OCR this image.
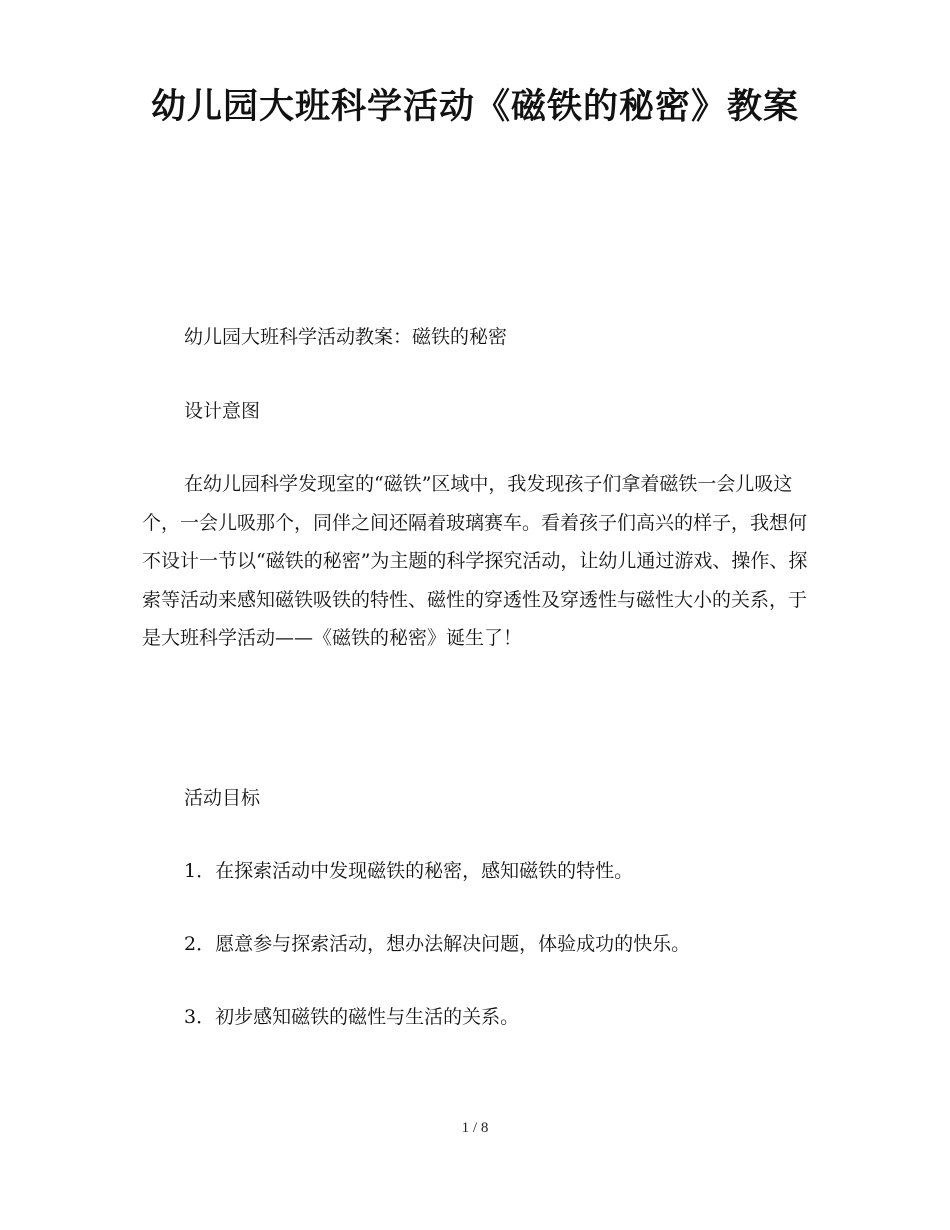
幼儿园大班科学活动《磁铁的秘密》教案

幼儿园大班科学活动教案：磁铁的秘密

设计意图

在幼儿园科学发现室的“磁铁”区域中，我发现孩子们拿着磁铁一会儿吸这个，一会儿吸那个，同伴之间还隔着玻璃赛车。看着孩子们高兴的样子，我想何不设计一节以“磁铁的秘密”为主题的科学探究活动，让幼儿通过游戏、操作、探索等活动来感知磁铁吸铁的特性、磁性的穿透性及穿透性与磁性大小的关系，于是大班科学活动——《磁铁的秘密》诞生了！

活动目标

1．在探索活动中发现磁铁的秘密，感知磁铁的特性。

2．愿意参与探索活动，想办法解决问题，体验成功的快乐。

3．初步感知磁铁的磁性与生活的关系。

1 / 8
